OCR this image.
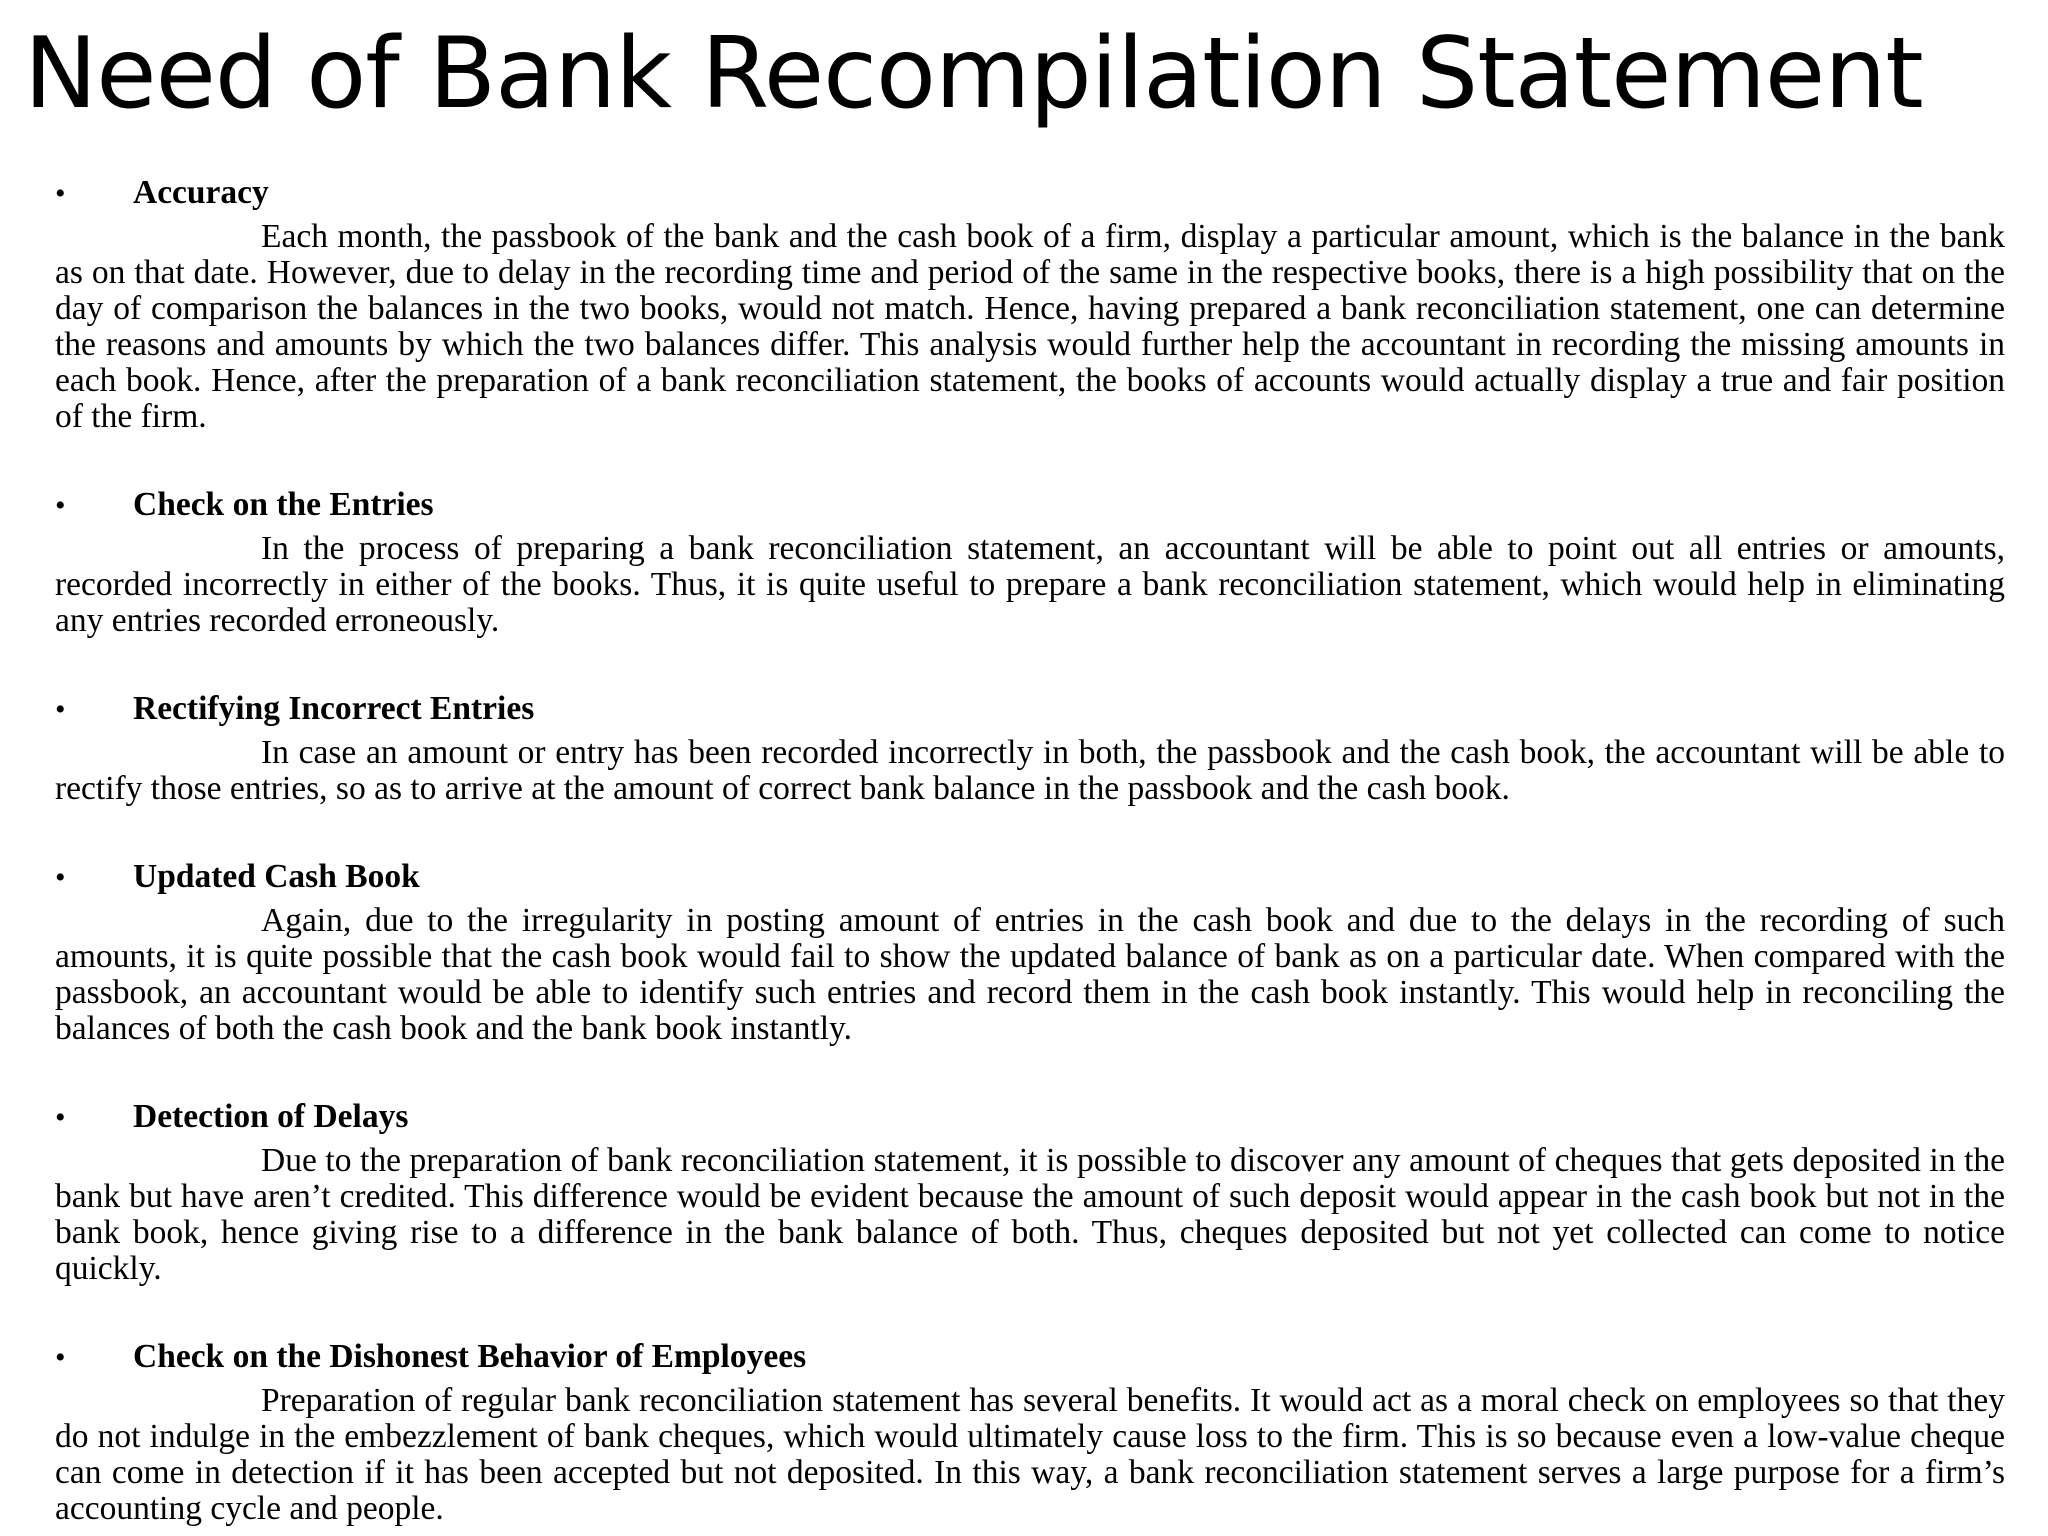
Need of Bank Recompilation Statement
•	Accuracy

Each month, the passbook of the bank and the cash book of a firm, display a particular amount, which is the balance in the bank as on that date. However, due to delay in the recording time and period of the same in the respective books, there is a high possibility that on the day of comparison the balances in the two books, would not match. Hence, having prepared a bank reconciliation statement, one can determine the reasons and amounts by which the two balances differ. This analysis would further help the accountant in recording the missing amounts in each book. Hence, after the preparation of a bank reconciliation statement, the books of accounts would actually display a true and fair position of the firm.

•	Check on the Entries

In the process of preparing a bank reconciliation statement, an accountant will be able to point out all entries or amounts, recorded incorrectly in either of the books. Thus, it is quite useful to prepare a bank reconciliation statement, which would help in eliminating any entries recorded erroneously.

•	Rectifying Incorrect Entries

In case an amount or entry has been recorded incorrectly in both, the passbook and the cash book, the accountant will be able to rectify those entries, so as to arrive at the amount of correct bank balance in the passbook and the cash book.

•	Updated Cash Book

Again, due to the irregularity in posting amount of entries in the cash book and due to the delays in the recording of such amounts, it is quite possible that the cash book would fail to show the updated balance of bank as on a particular date. When compared with the passbook, an accountant would be able to identify such entries and record them in the cash book instantly. This would help in reconciling the balances of both the cash book and the bank book instantly.

•	Detection of Delays

Due to the preparation of bank reconciliation statement, it is possible to discover any amount of cheques that gets deposited in the bank but have aren’t credited. This difference would be evident because the amount of such deposit would appear in the cash book but not in the bank book, hence giving rise to a difference in the bank balance of both. Thus, cheques deposited but not yet collected can come to notice quickly.

•	Check on the Dishonest Behavior of Employees

Preparation of regular bank reconciliation statement has several benefits. It would act as a moral check on employees so that they do not indulge in the embezzlement of bank cheques, which would ultimately cause loss to the firm. This is so because even a low-value cheque can come in detection if it has been accepted but not deposited. In this way, a bank reconciliation statement serves a large purpose for a firm’s accounting cycle and people.
